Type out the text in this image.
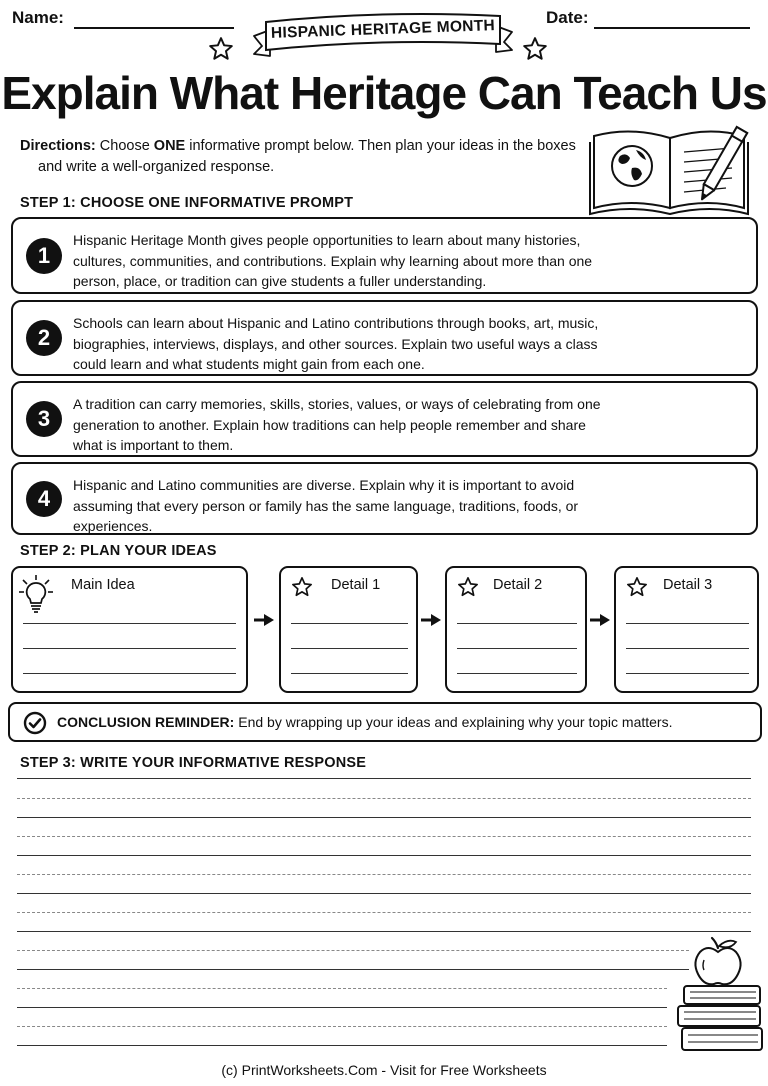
Name:	Date:
HISPANIC HERITAGE MONTH
Explain What Heritage Can Teach Us
Directions: Choose ONE informative prompt below. Then plan your ideas in the boxes
and write a well-organized response.
STEP 1: CHOOSE ONE INFORMATIVE PROMPT
1
Hispanic Heritage Month gives people opportunities to learn about many histories, cultures, communities, and contributions. Explain why learning about more than one person, place, or tradition can give students a fuller understanding.
2
Schools can learn about Hispanic and Latino contributions through books, art, music, biographies, interviews, displays, and other sources. Explain two useful ways a class could learn and what students might gain from each one.
3
A tradition can carry memories, skills, stories, values, or ways of celebrating from one generation to another. Explain how traditions can help people remember and share what is important to them.
4
Hispanic and Latino communities are diverse. Explain why it is important to avoid assuming that every person or family has the same language, traditions, foods, or experiences.
STEP 2: PLAN YOUR IDEAS
Main Idea	Detail 1	Detail 2	Detail 3
CONCLUSION REMINDER: End by wrapping up your ideas and explaining why your topic matters.
STEP 3: WRITE YOUR INFORMATIVE RESPONSE
(c) PrintWorksheets.Com - Visit for Free Worksheets
